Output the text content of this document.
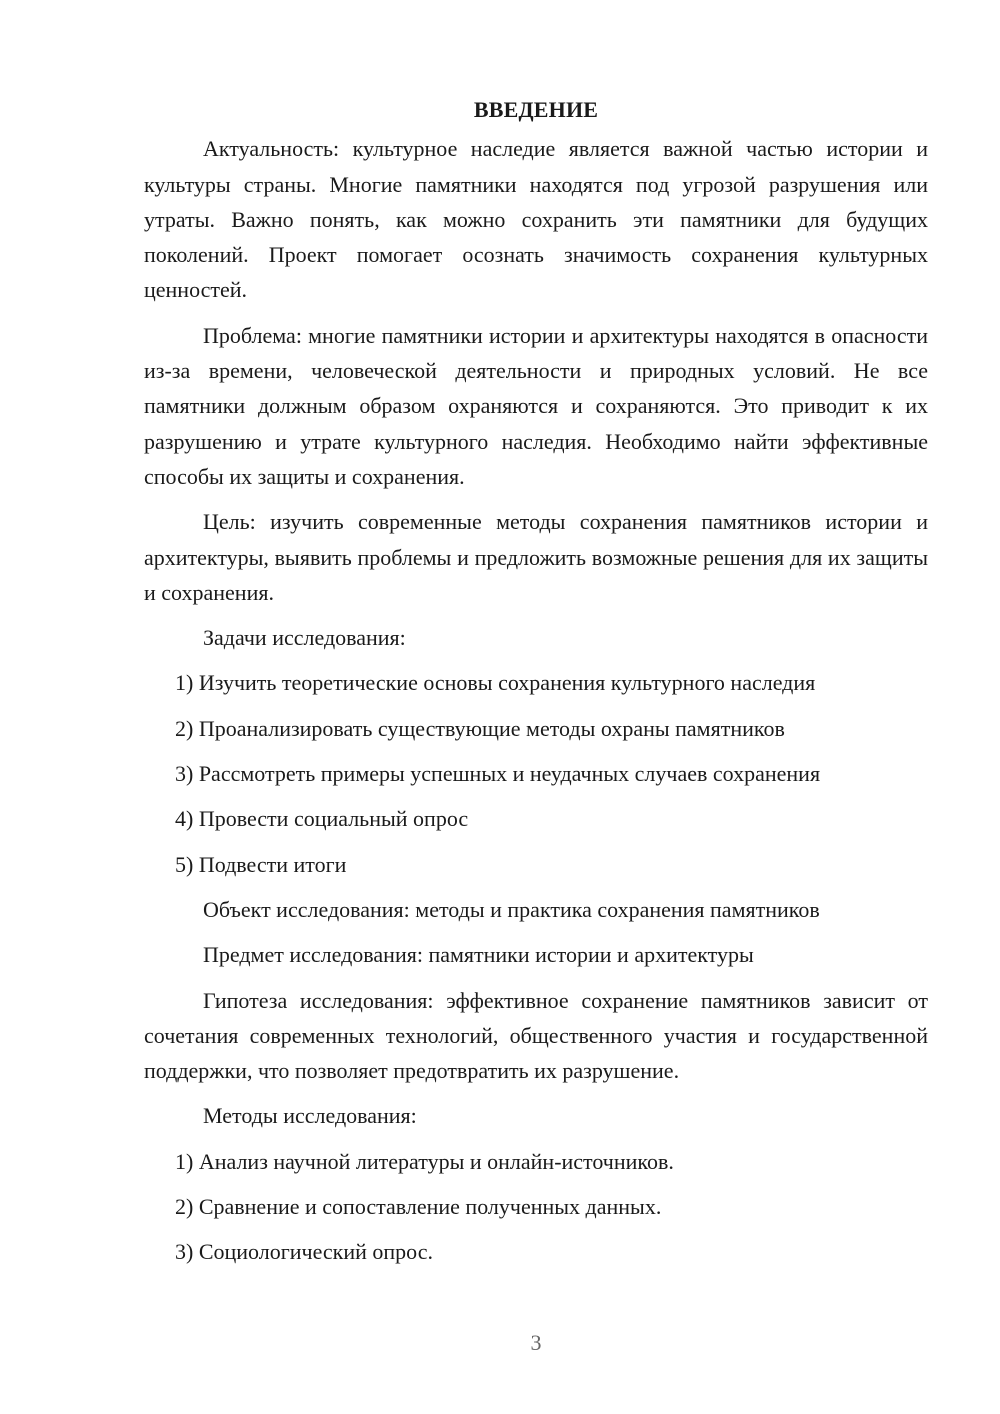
ВВЕДЕНИЕ

Актуальность: культурное наследие является важной частью истории и культуры страны. Многие памятники находятся под угрозой разрушения или утраты. Важно понять, как можно сохранить эти памятники для будущих поколений. Проект помогает осознать значимость сохранения культурных ценностей.

Проблема: многие памятники истории и архитектуры находятся в опасности из-за времени, человеческой деятельности и природных условий. Не все памятники должным образом охраняются и сохраняются. Это приводит к их разрушению и утрате культурного наследия. Необходимо найти эффективные способы их защиты и сохранения.

Цель: изучить современные методы сохранения памятников истории и архитектуры, выявить проблемы и предложить возможные решения для их защиты и сохранения.

Задачи исследования:

1) Изучить теоретические основы сохранения культурного наследия

2) Проанализировать существующие методы охраны памятников

3) Рассмотреть примеры успешных и неудачных случаев сохранения

4) Провести социальный опрос

5) Подвести итоги

Объект исследования: методы и практика сохранения памятников

Предмет исследования: памятники истории и архитектуры

Гипотеза исследования: эффективное сохранение памятников зависит от сочетания современных технологий, общественного участия и государственной поддержки, что позволяет предотвратить их разрушение.

Методы исследования:

1) Анализ научной литературы и онлайн-источников.

2) Сравнение и сопоставление полученных данных.

3) Социологический опрос.

3
